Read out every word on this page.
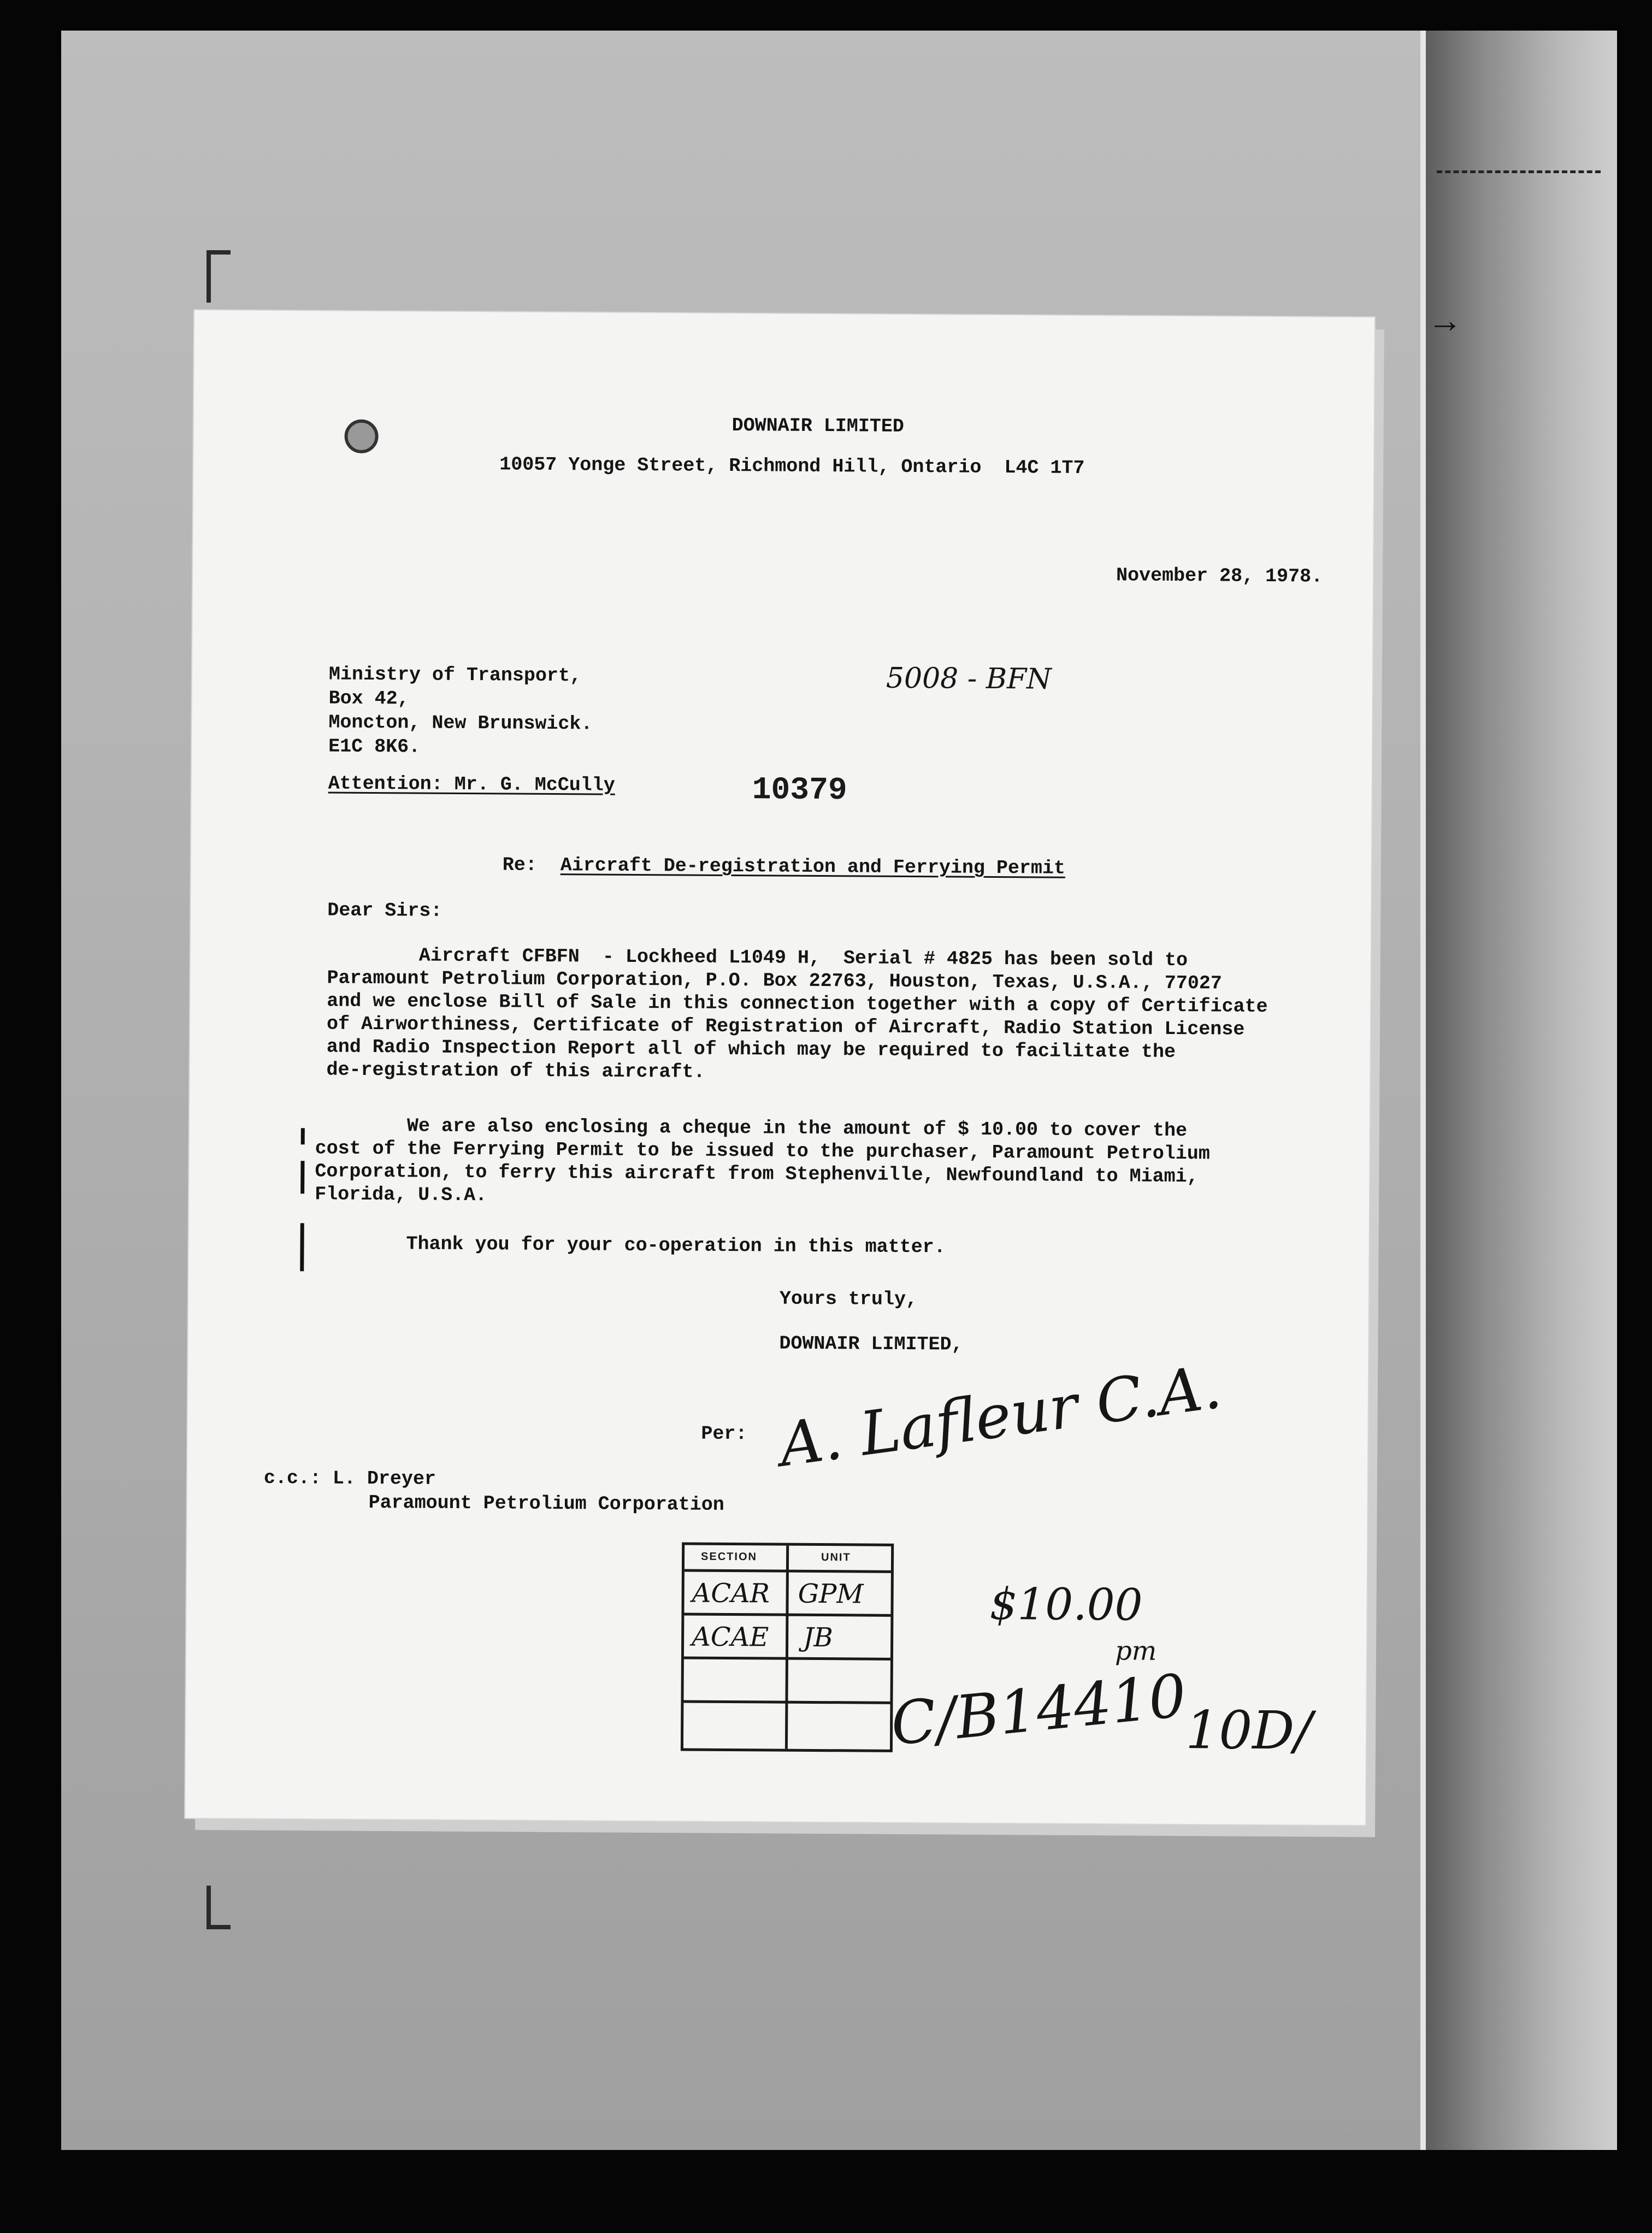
→
DOWNAIR LIMITED
10057 Yonge Street, Richmond Hill, Ontario  L4C 1T7
November 28, 1978.
Ministry of Transport,
Box 42,
Moncton, New Brunswick.
E1C 8K6.
5008 - BFN
Attention: Mr. G. McCully	10379
Re: Aircraft De-registration and Ferrying Permit
Dear Sirs:
Aircraft CFBFN  - Lockheed L1049 H,  Serial # 4825 has been sold to
Paramount Petrolium Corporation, P.O. Box 22763, Houston, Texas, U.S.A., 77027
and we enclose Bill of Sale in this connection together with a copy of Certificate
of Airworthiness, Certificate of Registration of Aircraft, Radio Station License
and Radio Inspection Report all of which may be required to facilitate the
de-registration of this aircraft.
We are also enclosing a cheque in the amount of $ 10.00 to cover the
cost of the Ferrying Permit to be issued to the purchaser, Paramount Petrolium
Corporation, to ferry this aircraft from Stephenville, Newfoundland to Miami,
Florida, U.S.A.
Thank you for your co-operation in this matter.
Yours truly,
DOWNAIR LIMITED,
Per: A. Lafleur C.A.
c.c.: L. Dreyer
Paramount Petrolium Corporation
SECTION	UNIT
ACAR GPM
ACAE JB
$10.00
pm
C/B14410
10D/
